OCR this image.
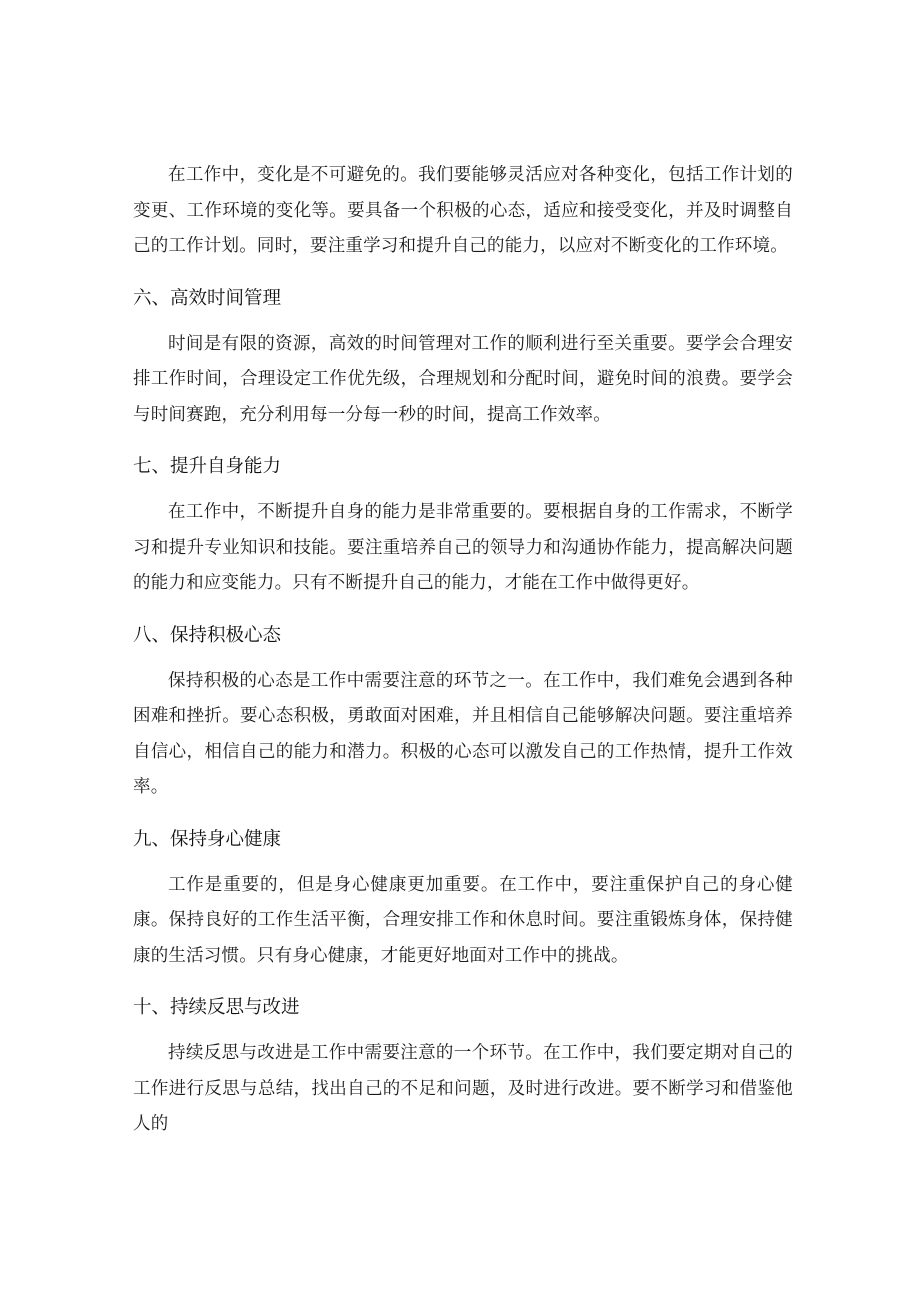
在工作中，变化是不可避免的。我们要能够灵活应对各种变化，包括工作计划的变更、工作环境的变化等。要具备一个积极的心态，适应和接受变化，并及时调整自己的工作计划。同时，要注重学习和提升自己的能力，以应对不断变化的工作环境。

六、高效时间管理

时间是有限的资源，高效的时间管理对工作的顺利进行至关重要。要学会合理安排工作时间，合理设定工作优先级，合理规划和分配时间，避免时间的浪费。要学会与时间赛跑，充分利用每一分每一秒的时间，提高工作效率。

七、提升自身能力

在工作中，不断提升自身的能力是非常重要的。要根据自身的工作需求，不断学习和提升专业知识和技能。要注重培养自己的领导力和沟通协作能力，提高解决问题的能力和应变能力。只有不断提升自己的能力，才能在工作中做得更好。

八、保持积极心态

保持积极的心态是工作中需要注意的环节之一。在工作中，我们难免会遇到各种困难和挫折。要心态积极，勇敢面对困难，并且相信自己能够解决问题。要注重培养自信心，相信自己的能力和潜力。积极的心态可以激发自己的工作热情，提升工作效率。

九、保持身心健康

工作是重要的，但是身心健康更加重要。在工作中，要注重保护自己的身心健康。保持良好的工作生活平衡，合理安排工作和休息时间。要注重锻炼身体，保持健康的生活习惯。只有身心健康，才能更好地面对工作中的挑战。

十、持续反思与改进

持续反思与改进是工作中需要注意的一个环节。在工作中，我们要定期对自己的工作进行反思与总结，找出自己的不足和问题，及时进行改进。要不断学习和借鉴他人的
